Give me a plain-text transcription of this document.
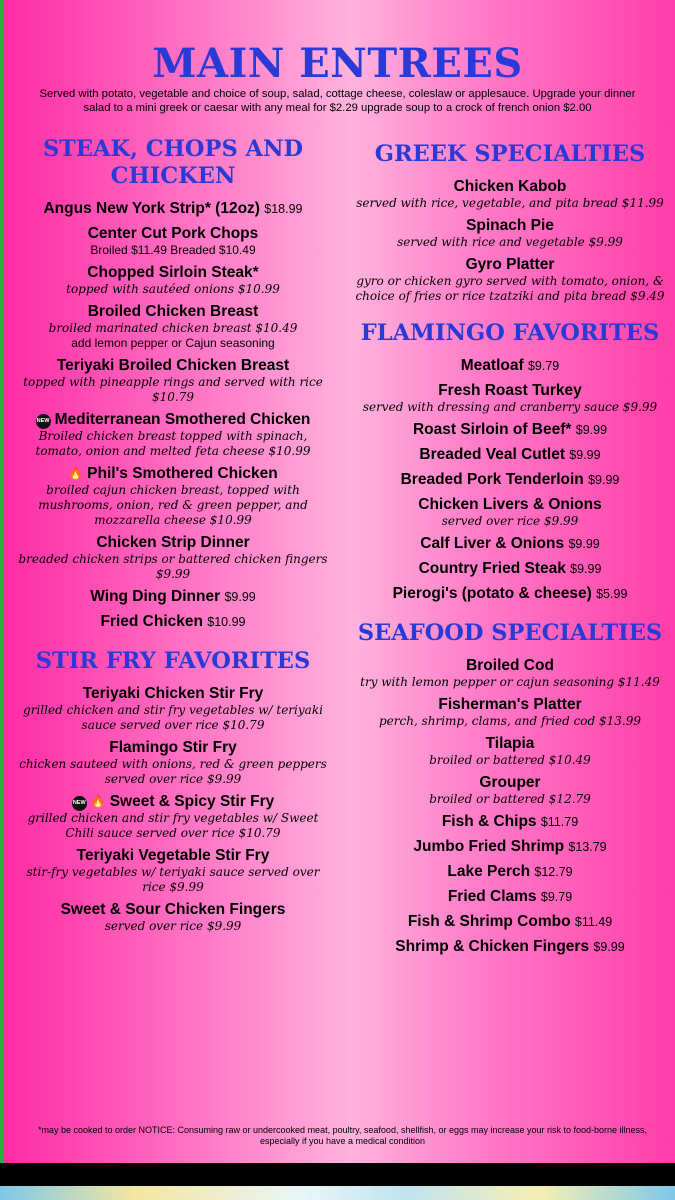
MAIN ENTREES
Served with potato, vegetable and choice of soup, salad, cottage cheese, coleslaw or applesauce. Upgrade your dinner salad to a mini greek or caesar with any meal for $2.29 upgrade soup to a crock of french onion $2.00
STEAK, CHOPS AND CHICKEN
Angus New York Strip* (12oz) $18.99
Center Cut Pork Chops
Broiled $11.49 Breaded $10.49
Chopped Sirloin Steak*
topped with sautéed onions $10.99
Broiled Chicken Breast
broiled marinated chicken breast $10.49
add lemon pepper or Cajun seasoning
Teriyaki Broiled Chicken Breast
topped with pineapple rings and served with rice $10.79
NEW Mediterranean Smothered Chicken
Broiled chicken breast topped with spinach, tomato, onion and melted feta cheese $10.99
🔥 Phil's Smothered Chicken
broiled cajun chicken breast, topped with mushrooms, onion, red & green pepper, and mozzarella cheese $10.99
Chicken Strip Dinner
breaded chicken strips or battered chicken fingers $9.99
Wing Ding Dinner $9.99
Fried Chicken $10.99
STIR FRY FAVORITES
Teriyaki Chicken Stir Fry
grilled chicken and stir fry vegetables w/ teriyaki sauce served over rice $10.79
Flamingo Stir Fry
chicken sauteed with onions, red & green peppers served over rice $9.99
NEW 🔥 Sweet & Spicy Stir Fry
grilled chicken and stir fry vegetables w/ Sweet Chili sauce served over rice $10.79
Teriyaki Vegetable Stir Fry
stir-fry vegetables w/ teriyaki sauce served over rice $9.99
Sweet & Sour Chicken Fingers
served over rice $9.99
GREEK SPECIALTIES
Chicken Kabob
served with rice, vegetable, and pita bread $11.99
Spinach Pie
served with rice and vegetable $9.99
Gyro Platter
gyro or chicken gyro served with tomato, onion, & choice of fries or rice tzatziki and pita bread $9.49
FLAMINGO FAVORITES
Meatloaf $9.79
Fresh Roast Turkey
served with dressing and cranberry sauce $9.99
Roast Sirloin of Beef* $9.99
Breaded Veal Cutlet $9.99
Breaded Pork Tenderloin $9.99
Chicken Livers & Onions
served over rice $9.99
Calf Liver & Onions $9.99
Country Fried Steak $9.99
Pierogi's (potato & cheese) $5.99
SEAFOOD SPECIALTIES
Broiled Cod
try with lemon pepper or cajun seasoning $11.49
Fisherman's Platter
perch, shrimp, clams, and fried cod $13.99
Tilapia
broiled or battered $10.49
Grouper
broiled or battered $12.79
Fish & Chips $11.79
Jumbo Fried Shrimp $13.79
Lake Perch $12.79
Fried Clams $9.79
Fish & Shrimp Combo $11.49
Shrimp & Chicken Fingers $9.99
*may be cooked to order NOTICE: Consuming raw or undercooked meat, poultry, seafood, shellfish, or eggs may increase your risk to food-borne illness, especially if you have a medical condition
